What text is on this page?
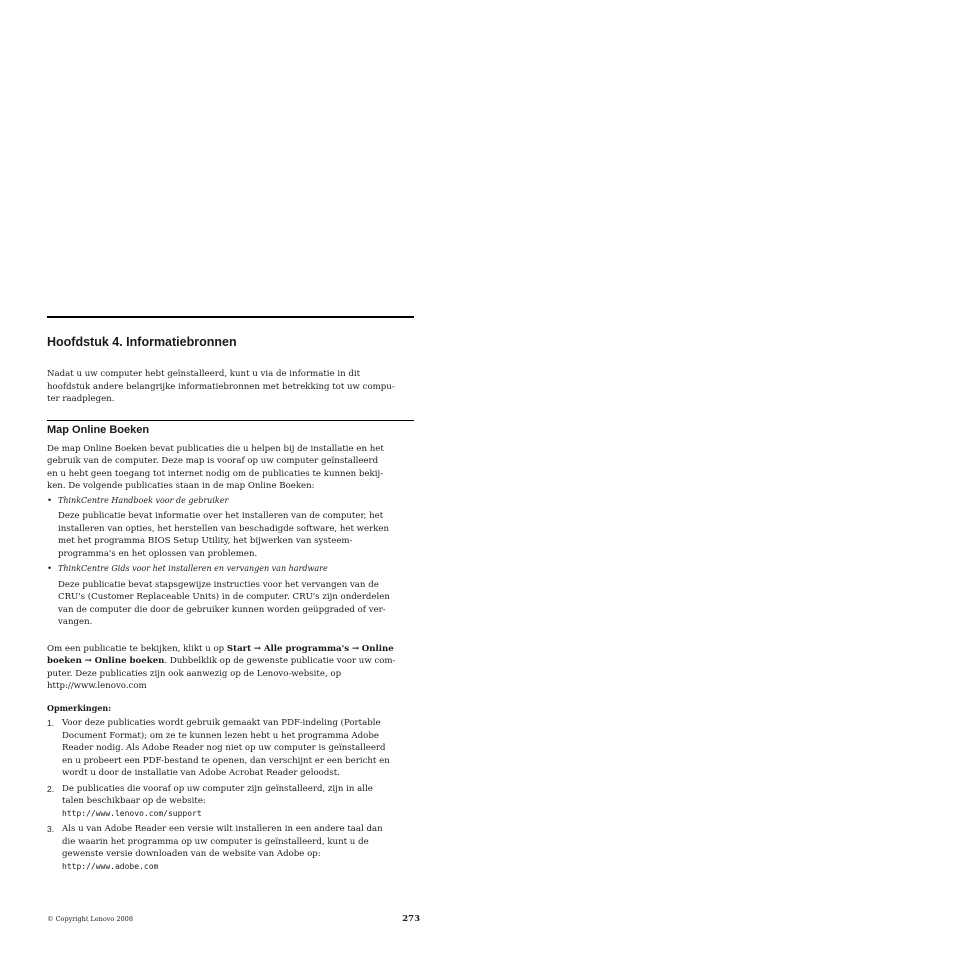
Hoofdstuk 4. Informatiebronnen

Nadat u uw computer hebt geïnstalleerd, kunt u via de informatie in dit
hoofdstuk andere belangrijke informatiebronnen met betrekking tot uw compu-
ter raadplegen.

Map Online Boeken

De map Online Boeken bevat publicaties die u helpen bij de installatie en het
gebruik van de computer. Deze map is vooraf op uw computer geïnstalleerd
en u hebt geen toegang tot internet nodig om de publicaties te kunnen bekij-
ken. De volgende publicaties staan in de map Online Boeken:

• ThinkCentre Handboek voor de gebruiker

Deze publicatie bevat informatie over het installeren van de computer, het
installeren van opties, het herstellen van beschadigde software, het werken
met het programma BIOS Setup Utility, het bijwerken van systeem-
programma's en het oplossen van problemen.

• ThinkCentre Gids voor het installeren en vervangen van hardware

Deze publicatie bevat stapsgewijze instructies voor het vervangen van de
CRU's (Customer Replaceable Units) in de computer. CRU's zijn onderdelen
van de computer die door de gebruiker kunnen worden geüpgraded of ver-
vangen.

Om een publicatie te bekijken, klikt u op Start → Alle programma's → Online
boeken → Online boeken. Dubbelklik op de gewenste publicatie voor uw com-
puter. Deze publicaties zijn ook aanwezig op de Lenovo-website, op
http://www.lenovo.com

Opmerkingen:

1. Voor deze publicaties wordt gebruik gemaakt van PDF-indeling (Portable
Document Format); om ze te kunnen lezen hebt u het programma Adobe
Reader nodig. Als Adobe Reader nog niet op uw computer is geïnstalleerd
en u probeert een PDF-bestand te openen, dan verschijnt er een bericht en
wordt u door de installatie van Adobe Acrobat Reader geloodst.
2. De publicaties die vooraf op uw computer zijn geïnstalleerd, zijn in alle
talen beschikbaar op de website:
http://www.lenovo.com/support
3. Als u van Adobe Reader een versie wilt installeren in een andere taal dan
die waarin het programma op uw computer is geïnstalleerd, kunt u de
gewenste versie downloaden van de website van Adobe op:
http://www.adobe.com
© Copyright Lenovo 2008	273
